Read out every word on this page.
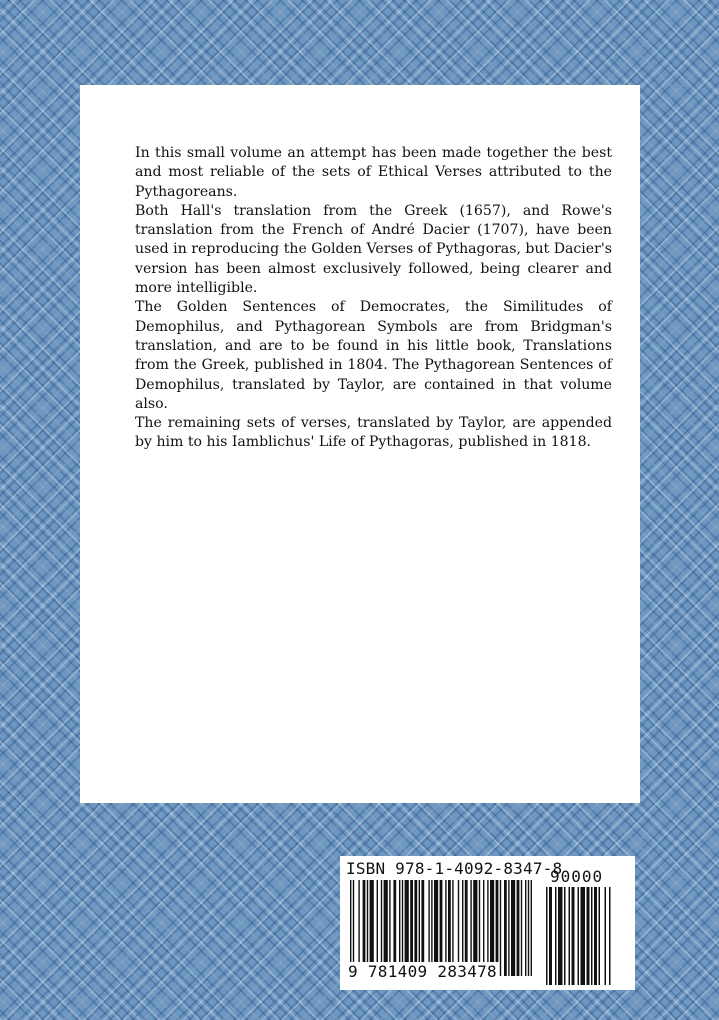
In this small volume an attempt has been made together the best and most reliable of the sets of Ethical Verses attributed to the Pythagoreans.

Both Hall's translation from the Greek (1657), and Rowe's translation from the French of André Dacier (1707), have been used in reproducing the Golden Verses of Pythagoras, but Dacier's version has been almost exclusively followed, being clearer and more intelligible.

The Golden Sentences of Democrates, the Similitudes of Demophilus, and Pythagorean Symbols are from Bridgman's translation, and are to be found in his little book, Translations from the Greek, published in 1804. The Pythagorean Sentences of Demophilus, translated by Taylor, are contained in that volume also.

The remaining sets of verses, translated by Taylor, are appended by him to his Iamblichus' Life of Pythagoras, published in 1818.

ISBN 978-1-4092-8347-8
9 781409 283478
90000
